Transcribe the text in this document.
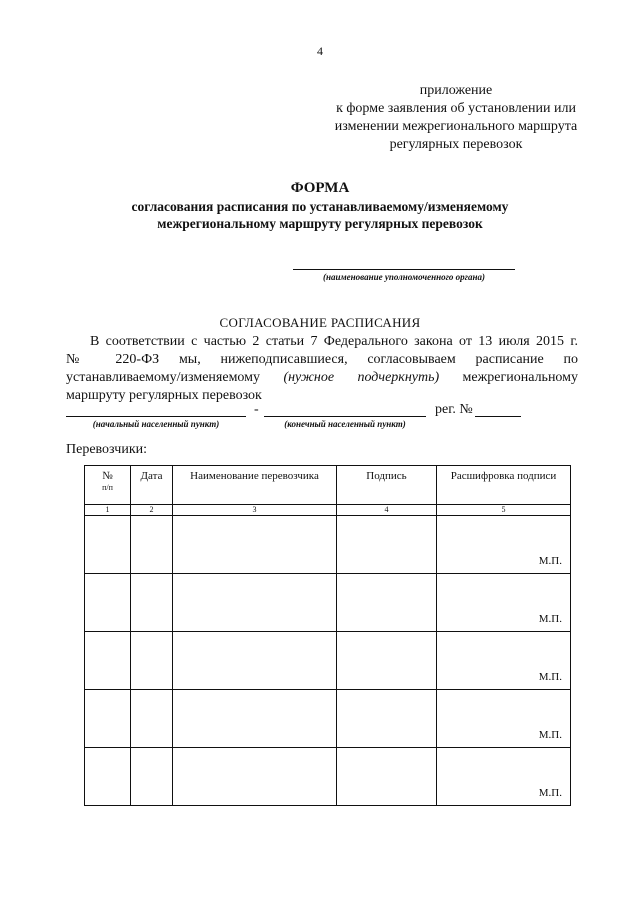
4
приложение
к форме заявления об установлении или
изменении межрегионального маршрута
регулярных перевозок
ФОРМА
согласования расписания по устанавливаемому/изменяемому
межрегиональному маршруту регулярных перевозок
(наименование уполномоченного органа)
СОГЛАСОВАНИЕ РАСПИСАНИЯ
В соответствии с частью 2 статьи 7 Федерального закона от 13 июля 2015 г.
№ 220-ФЗ мы, нижеподписавшиеся, согласовываем расписание по
устанавливаемому/изменяемому (нужное подчеркнуть) межрегиональному
маршруту регулярных перевозок
-	рег. №
(начальный населенный пункт)	(конечный населенный пункт)
Перевозчики:
№
п/п	Дата	Наименование перевозчика	Подпись	Расшифровка подписи
1	2	3	4	5
				М.П.
				М.П.
				М.П.
				М.П.
				М.П.
